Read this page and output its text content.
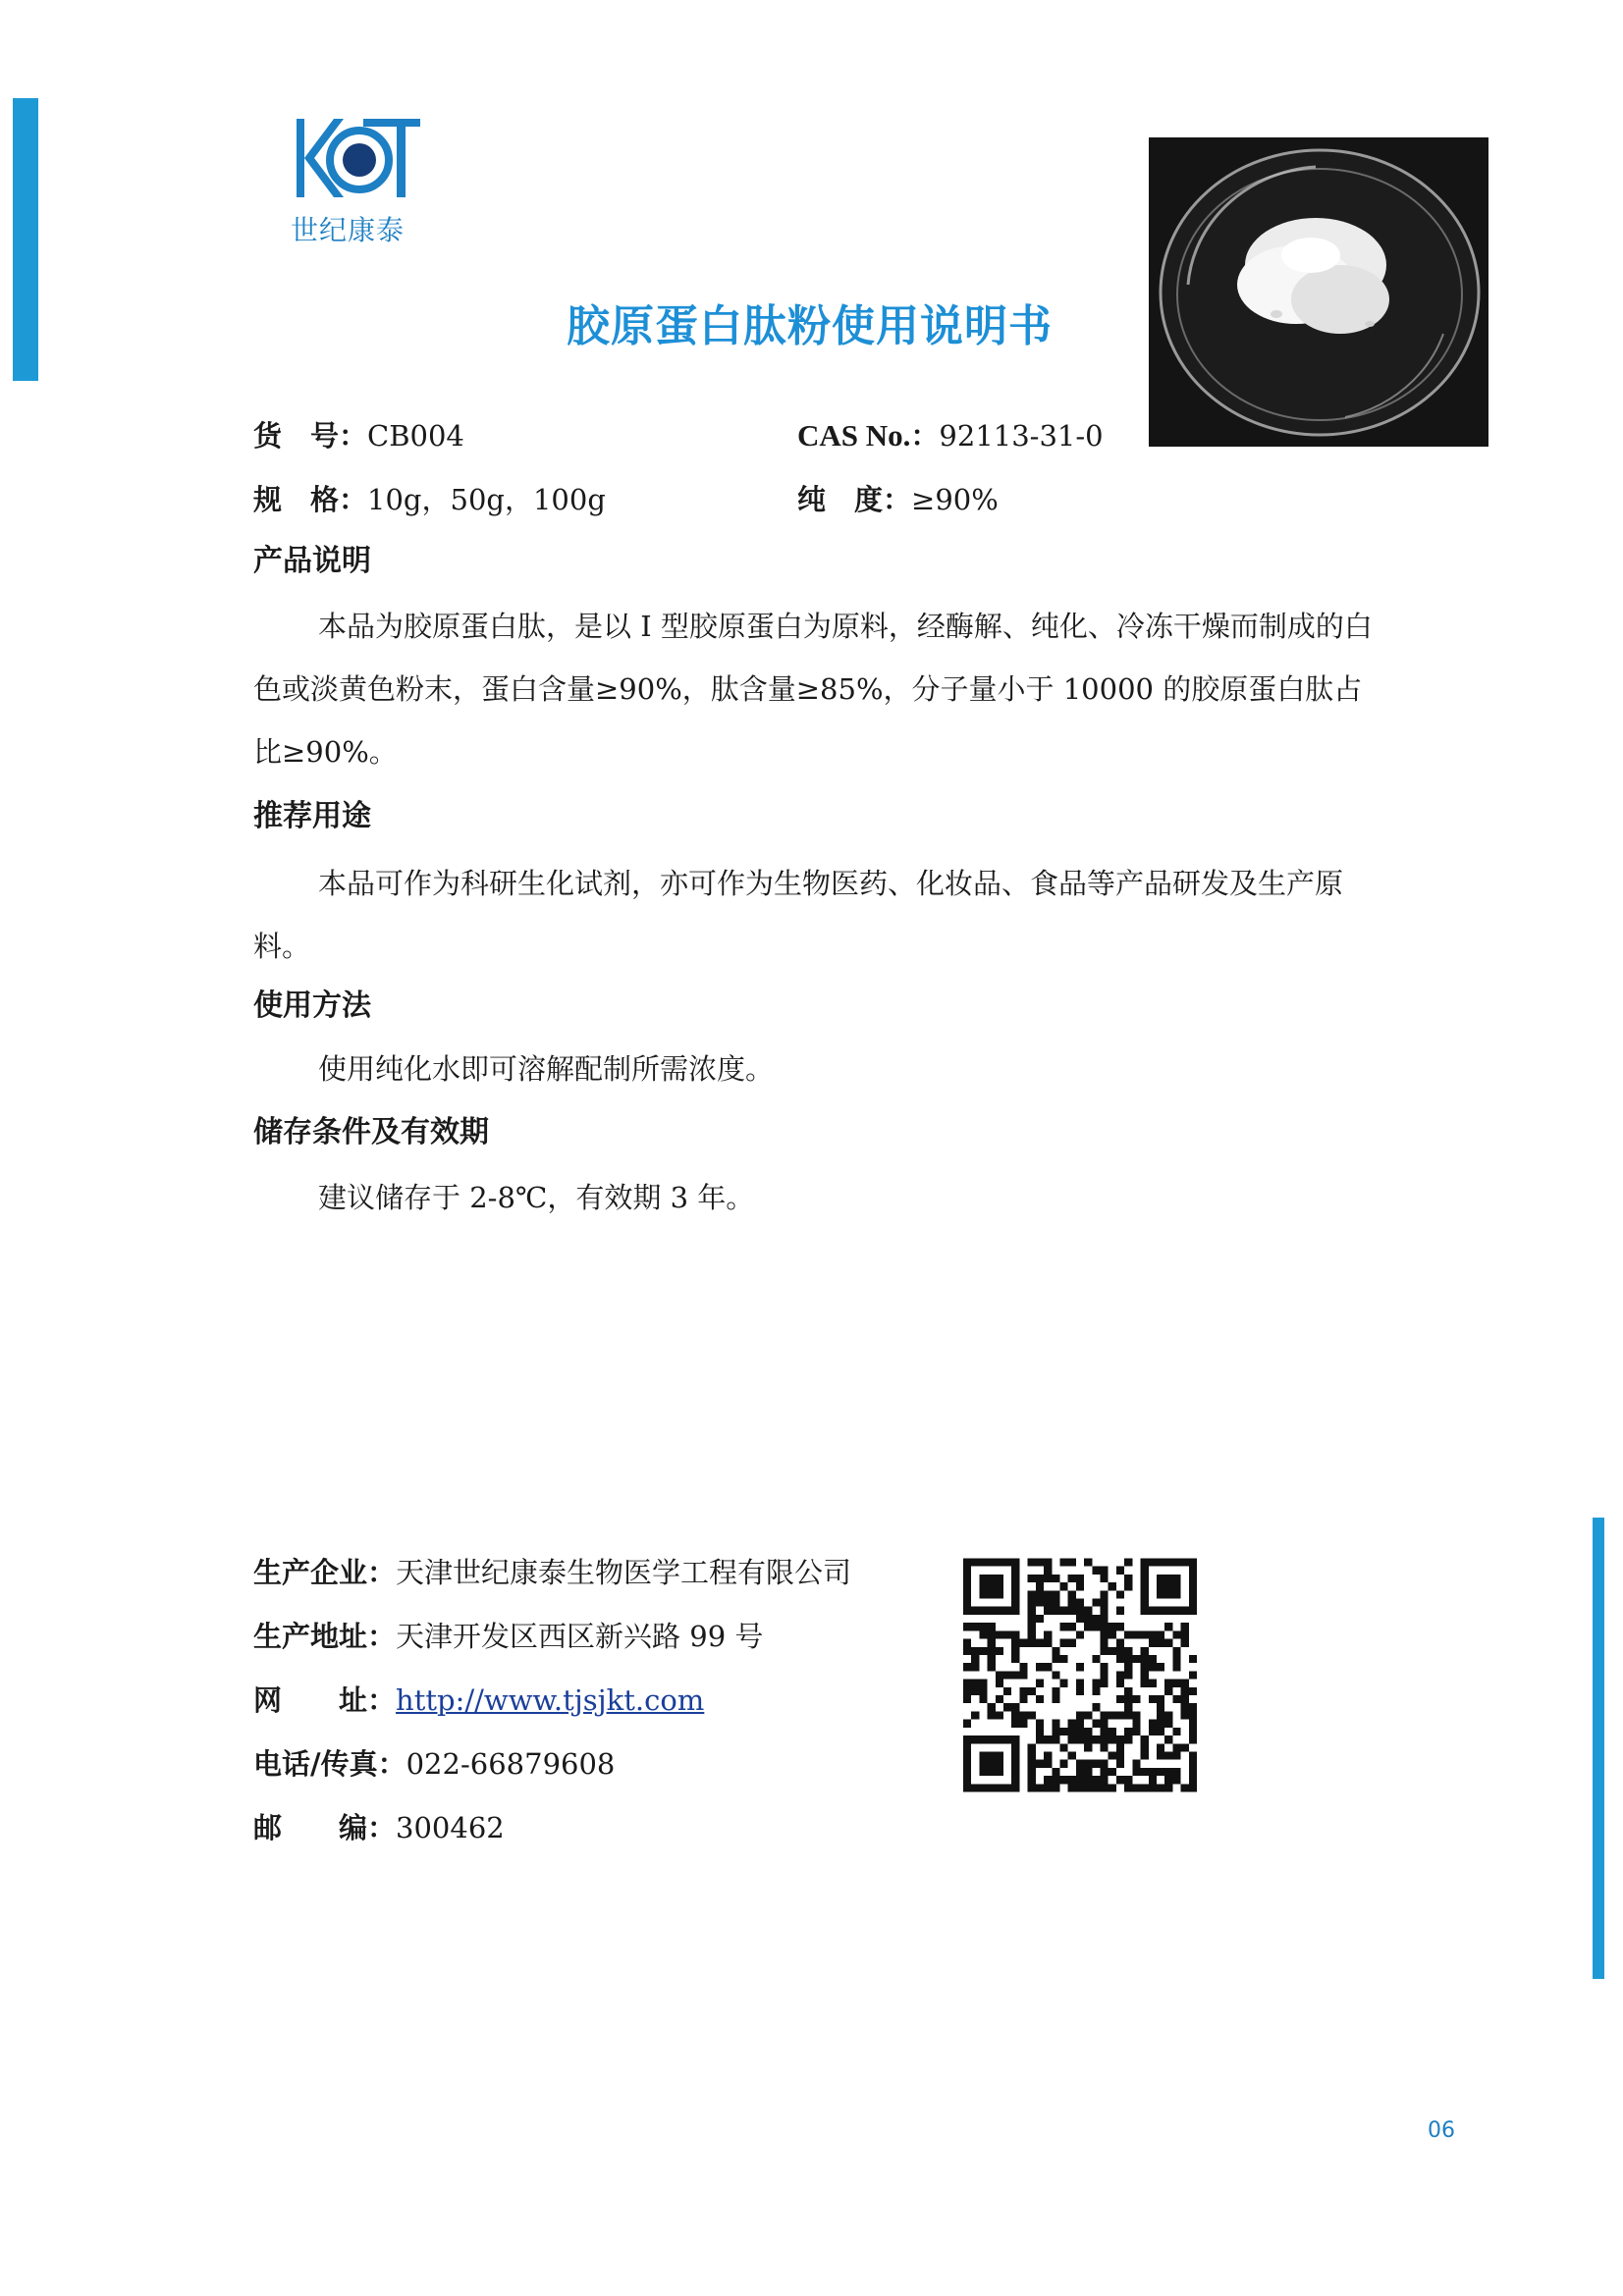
世纪康泰
胶原蛋白肽粉使用说明书
货　号：CB004	CAS No.：92113-31-0
规　格：10g，50g，100g	纯　度：≥90%
产品说明
本品为胶原蛋白肽，是以 I 型胶原蛋白为原料，经酶解、纯化、冷冻干燥而制成的白色或淡黄色粉末，蛋白含量≥90%，肽含量≥85%，分子量小于 10000 的胶原蛋白肽占比≥90%。
推荐用途
本品可作为科研生化试剂，亦可作为生物医药、化妆品、食品等产品研发及生产原料。
使用方法
使用纯化水即可溶解配制所需浓度。
储存条件及有效期
建议储存于 2-8℃，有效期 3 年。
生产企业：天津世纪康泰生物医学工程有限公司
生产地址：天津开发区西区新兴路 99 号
网　　址：http://www.tjsjkt.com
电话/传真：022-66879608
邮　　编：300462
06
